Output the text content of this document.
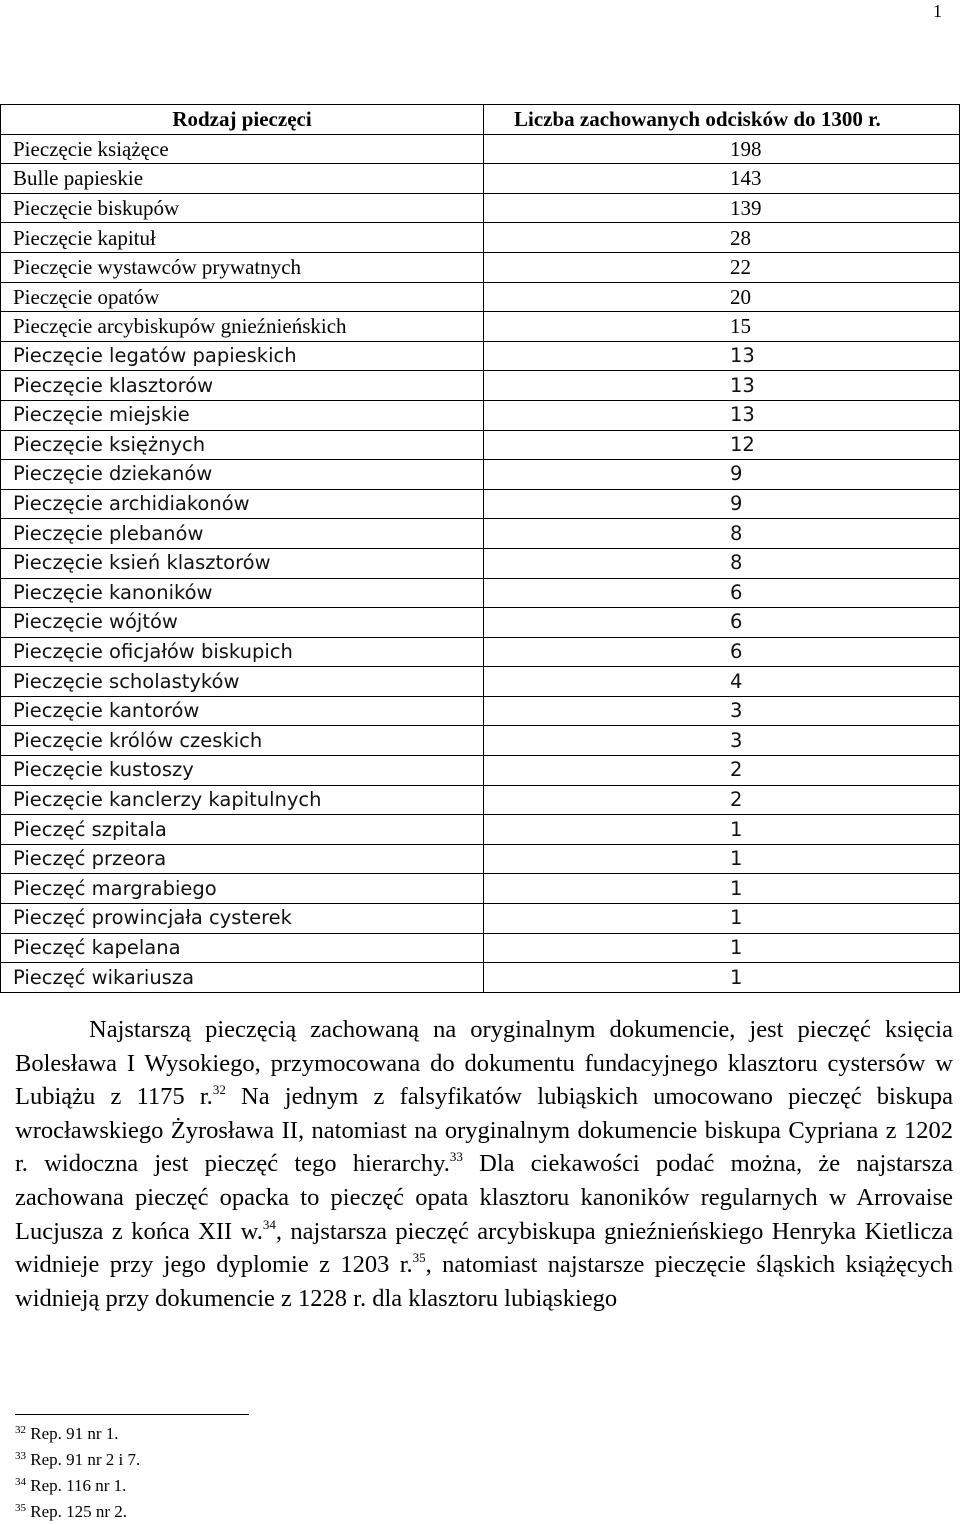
1
Rodzaj pieczęci	Liczba zachowanych odcisków do 1300 r.
Pieczęcie książęce	198
Bulle papieskie	143
Pieczęcie biskupów	139
Pieczęcie kapituł	28
Pieczęcie wystawców prywatnych	22
Pieczęcie opatów	20
Pieczęcie arcybiskupów gnieźnieńskich	15
Pieczęcie legatów papieskich	13
Pieczęcie klasztorów	13
Pieczęcie miejskie	13
Pieczęcie księżnych	12
Pieczęcie dziekanów	9
Pieczęcie archidiakonów	9
Pieczęcie plebanów	8
Pieczęcie ksień klasztorów	8
Pieczęcie kanoników	6
Pieczęcie wójtów	6
Pieczęcie oficjałów biskupich	6
Pieczęcie scholastyków	4
Pieczęcie kantorów	3
Pieczęcie królów czeskich	3
Pieczęcie kustoszy	2
Pieczęcie kanclerzy kapitulnych	2
Pieczęć szpitala	1
Pieczęć przeora	1
Pieczęć margrabiego	1
Pieczęć prowincjała cysterek	1
Pieczęć kapelana	1
Pieczęć wikariusza	1

Najstarszą pieczęcią zachowaną na oryginalnym dokumencie, jest pieczęć księcia Bolesława I Wysokiego, przymocowana do dokumentu fundacyjnego klasztoru cystersów w Lubiążu z 1175 r.$^{32}$ Na jednym z falsyfikatów lubiąskich umocowano pieczęć biskupa wrocławskiego Żyrosława II, natomiast na oryginalnym dokumencie biskupa Cypriana z 1202 r. widoczna jest pieczęć tego hierarchy.$^{33}$ Dla ciekawości podać można, że najstarsza zachowana pieczęć opacka to pieczęć opata klasztoru kanoników regularnych w Arrovaise Lucjusza z końca XII w.$^{34}$, najstarsza pieczęć arcybiskupa gnieźnieńskiego Henryka Kietlicza widnieje przy jego dyplomie z 1203 r.$^{35}$, natomiast najstarsze pieczęcie śląskich książęcych widnieją przy dokumencie z 1228 r. dla klasztoru lubiąskiego

$^{32}$ Rep. 91 nr 1.
$^{33}$ Rep. 91 nr 2 i 7.
$^{34}$ Rep. 116 nr 1.
$^{35}$ Rep. 125 nr 2.
